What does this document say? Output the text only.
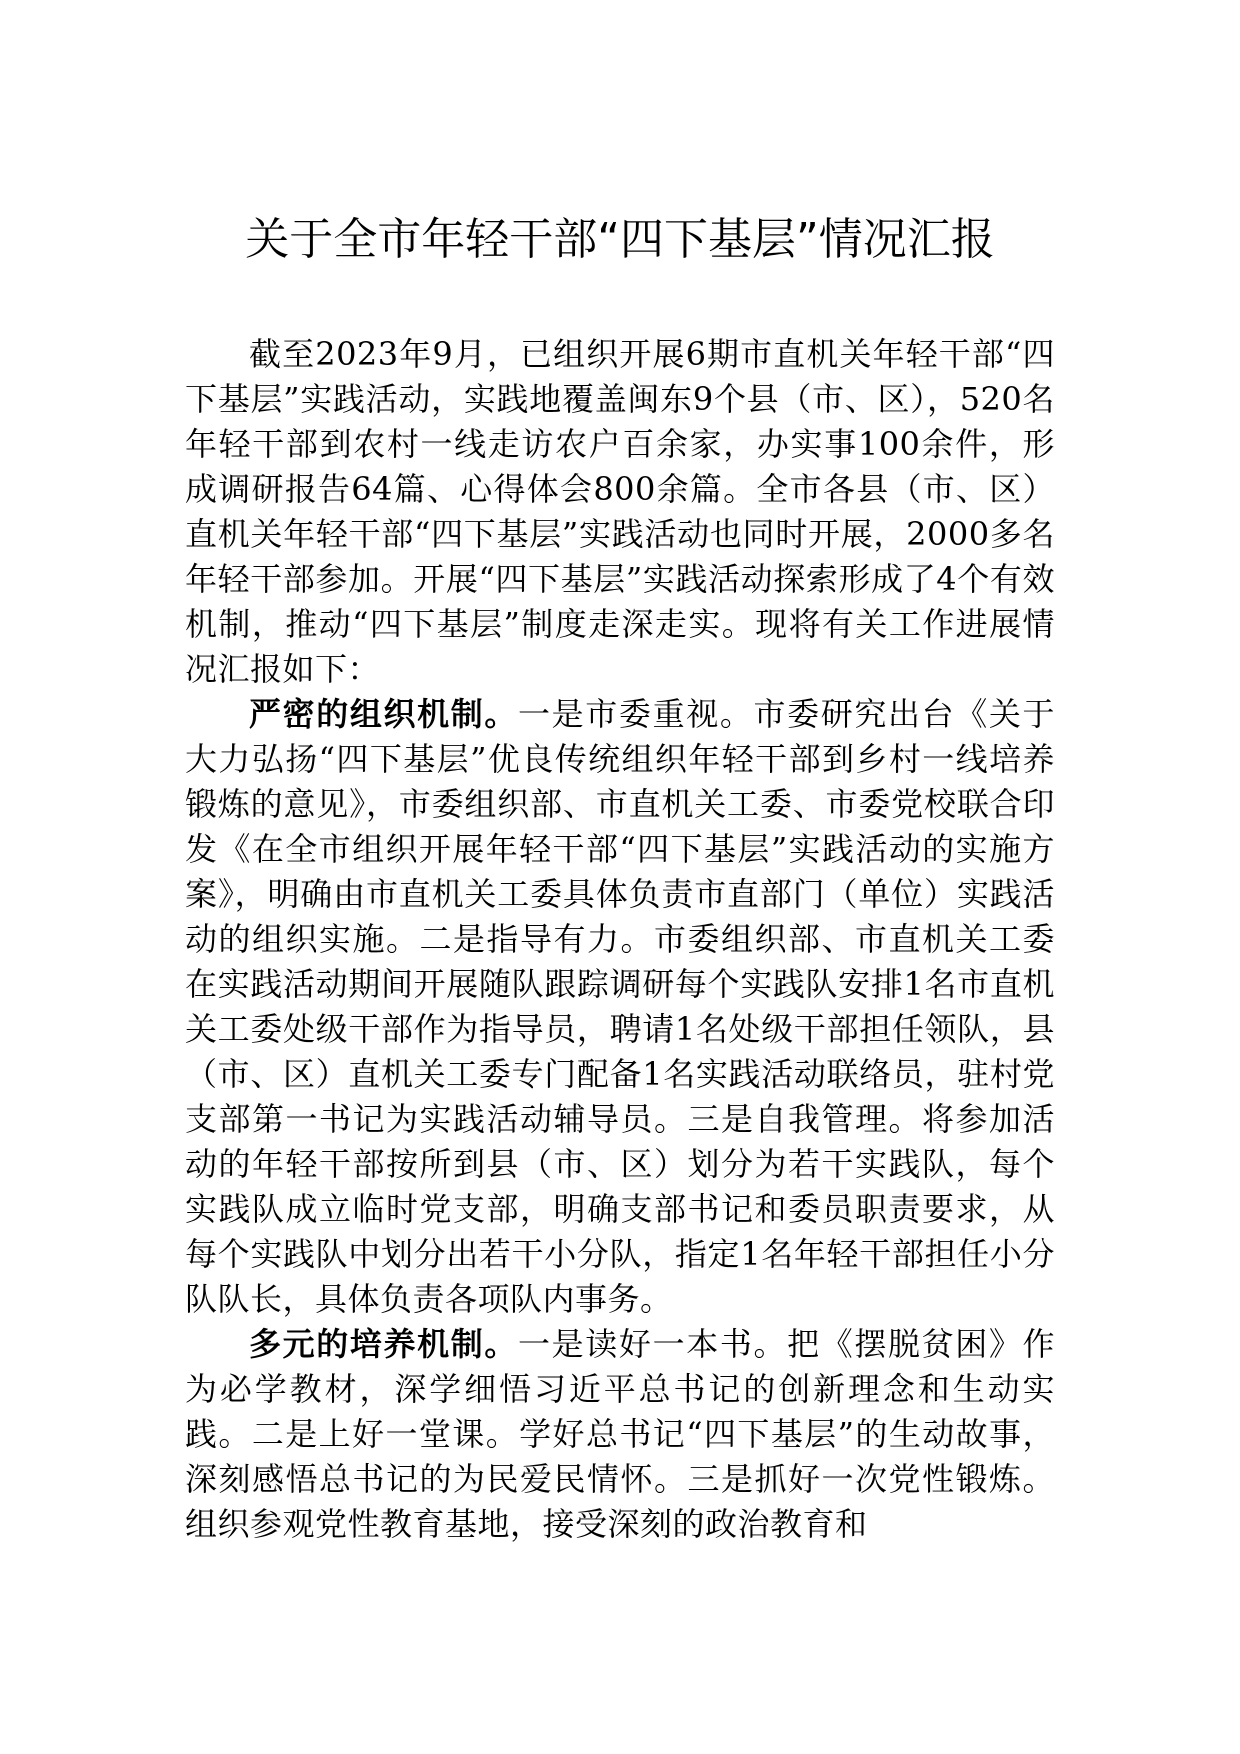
关于全市年轻干部“四下基层”情况汇报

截至2023年9月，已组织开展6期市直机关年轻干部“四下基层”实践活动，实践地覆盖闽东9个县（市、区），520名年轻干部到农村一线走访农户百余家，办实事100余件，形成调研报告64篇、心得体会800余篇。全市各县（市、区）直机关年轻干部“四下基层”实践活动也同时开展，2000多名年轻干部参加。开展“四下基层”实践活动探索形成了4个有效机制，推动“四下基层”制度走深走实。现将有关工作进展情况汇报如下：

严密的组织机制。一是市委重视。市委研究出台《关于大力弘扬“四下基层”优良传统组织年轻干部到乡村一线培养锻炼的意见》，市委组织部、市直机关工委、市委党校联合印发《在全市组织开展年轻干部“四下基层”实践活动的实施方案》，明确由市直机关工委具体负责市直部门（单位）实践活动的组织实施。二是指导有力。市委组织部、市直机关工委在实践活动期间开展随队跟踪调研每个实践队安排1名市直机关工委处级干部作为指导员，聘请1名处级干部担任领队，县（市、区）直机关工委专门配备1名实践活动联络员，驻村党支部第一书记为实践活动辅导员。三是自我管理。将参加活动的年轻干部按所到县（市、区）划分为若干实践队，每个实践队成立临时党支部，明确支部书记和委员职责要求，从每个实践队中划分出若干小分队，指定1名年轻干部担任小分队队长，具体负责各项队内事务。

多元的培养机制。一是读好一本书。把《摆脱贫困》作为必学教材，深学细悟习近平总书记的创新理念和生动实践。二是上好一堂课。学好总书记“四下基层”的生动故事，深刻感悟总书记的为民爱民情怀。三是抓好一次党性锻炼。组织参观党性教育基地，接受深刻的政治教育和
